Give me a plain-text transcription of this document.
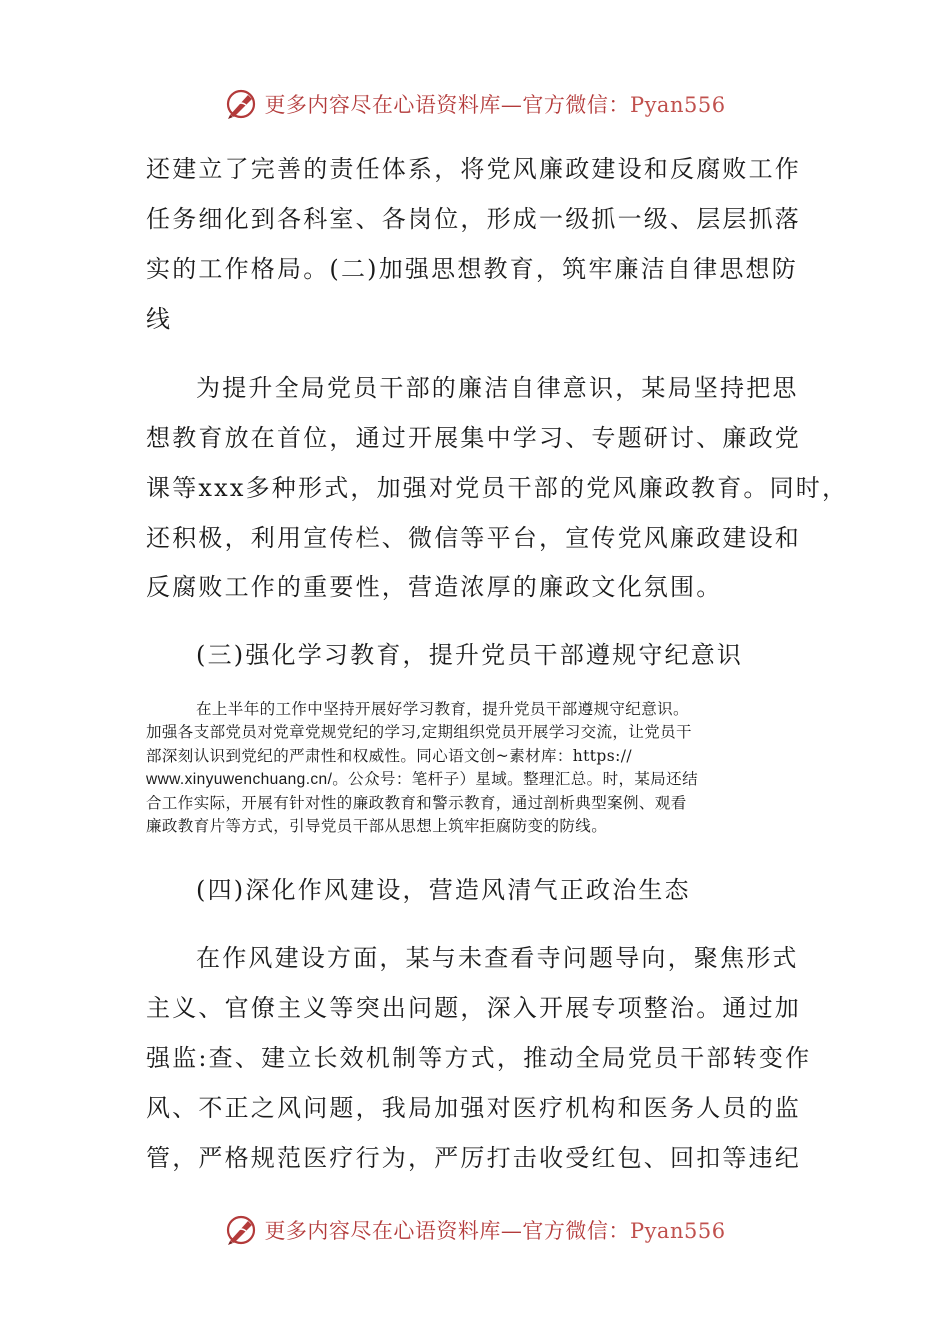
更多内容尽在心语资料库—官方微信：Pyan556
还建立了完善的责任体系，将党风廉政建设和反腐败工作
任务细化到各科室、各岗位，形成一级抓一级、层层抓落
实的工作格局。(二)加强思想教育，筑牢廉洁自律思想防
线
为提升全局党员干部的廉洁自律意识，某局坚持把思
想教育放在首位，通过开展集中学习、专题研讨、廉政党
课等xxx多种形式，加强对党员干部的党风廉政教育。同时，
还积极，利用宣传栏、微信等平台，宣传党风廉政建设和
反腐败工作的重要性，营造浓厚的廉政文化氛围。
(三)强化学习教育，提升党员干部遵规守纪意识
在上半年的工作中坚持开展好学习教育，提升党员干部遵规守纪意识。
加强各支部党员对党章党规党纪的学习,定期组织党员开展学习交流，让党员干
部深刻认识到党纪的严肃性和权威性。同心语文创~素材库：https://
www.xinyuwenchuang.cn/。公众号：笔杆子）星域。整理汇总。时，某局还结
合工作实际，开展有针对性的廉政教育和警示教育，通过剖析典型案例、观看
廉政教育片等方式，引导党员干部从思想上筑牢拒腐防变的防线。
(四)深化作风建设，营造风清气正政治生态
在作风建设方面，某与未查看寺问题导向，聚焦形式
主义、官僚主义等突出问题，深入开展专项整治。通过加
强监:查、建立长效机制等方式，推动全局党员干部转变作
风、不正之风问题，我局加强对医疗机构和医务人员的监
管，严格规范医疗行为，严厉打击收受红包、回扣等违纪
更多内容尽在心语资料库—官方微信：Pyan556
